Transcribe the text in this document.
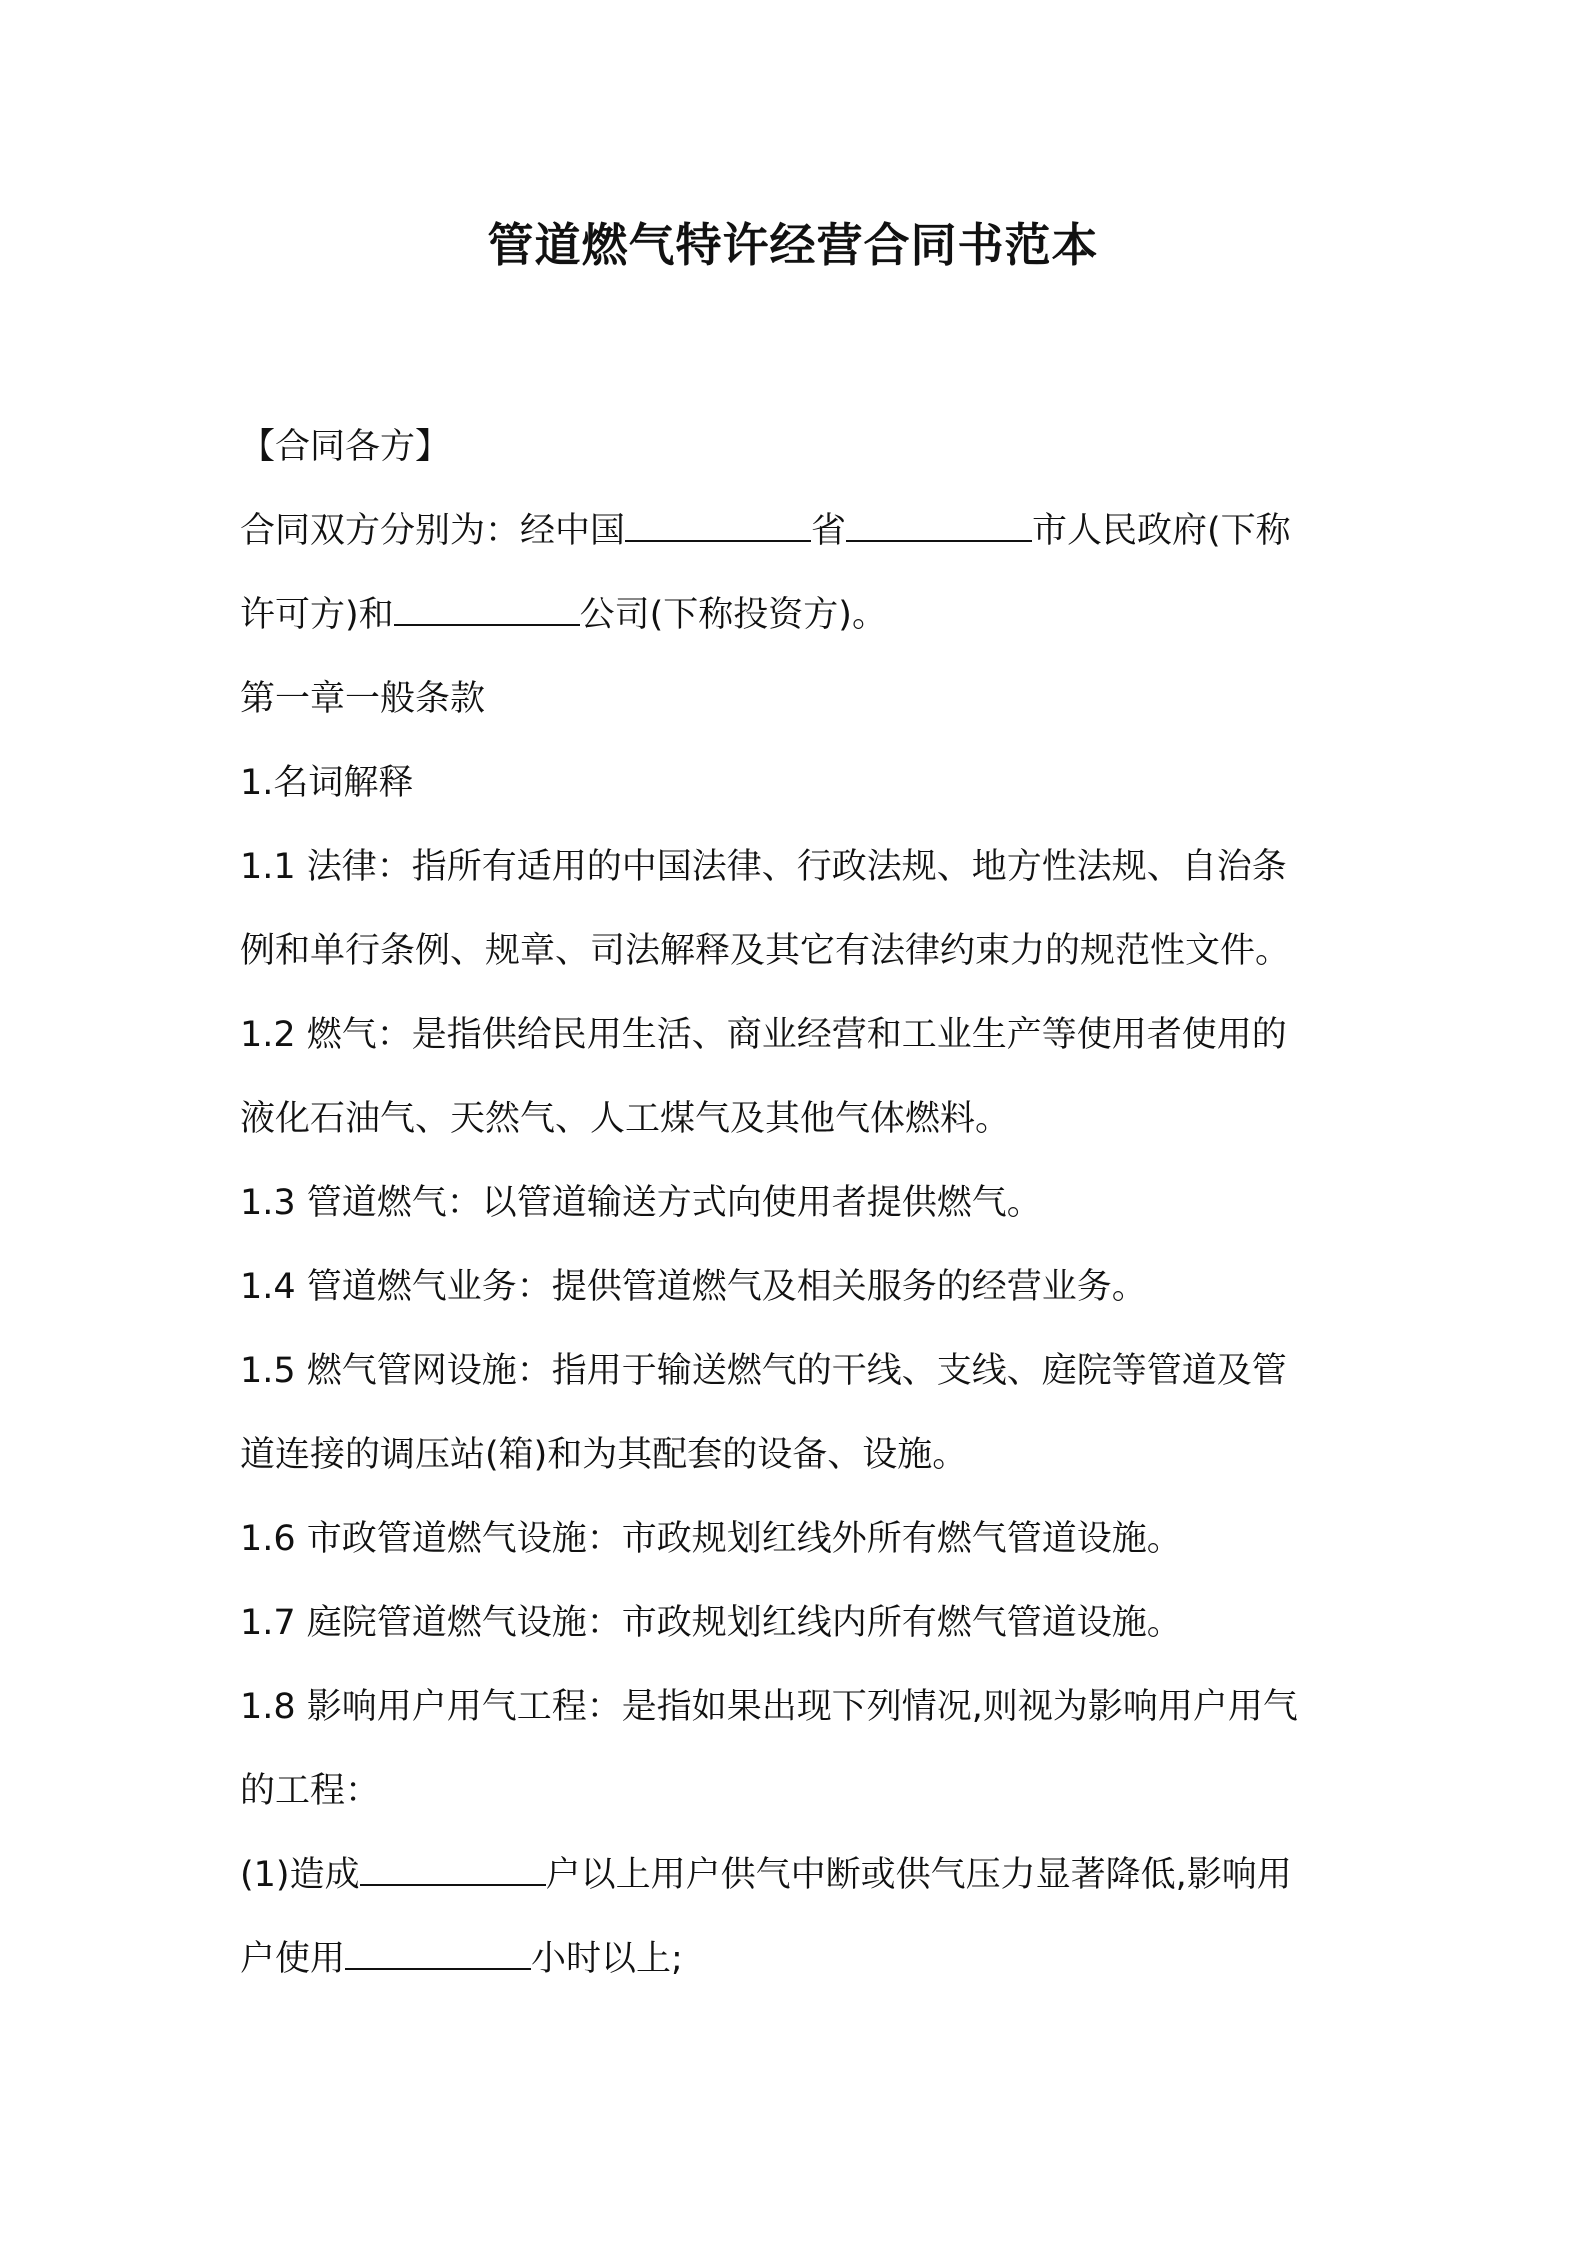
管道燃气特许经营合同书范本
【合同各方】
合同双方分别为：经中国	省	市人民政府(下称
许可方)和	公司(下称投资方)。
第一章一般条款
1.名词解释
1.1 法律：指所有适用的中国法律、行政法规、地方性法规、自治条
例和单行条例、规章、司法解释及其它有法律约束力的规范性文件。
1.2 燃气：是指供给民用生活、商业经营和工业生产等使用者使用的
液化石油气、天然气、人工煤气及其他气体燃料。
1.3 管道燃气：以管道输送方式向使用者提供燃气。
1.4 管道燃气业务：提供管道燃气及相关服务的经营业务。
1.5 燃气管网设施：指用于输送燃气的干线、支线、庭院等管道及管
道连接的调压站(箱)和为其配套的设备、设施。
1.6 市政管道燃气设施：市政规划红线外所有燃气管道设施。
1.7 庭院管道燃气设施：市政规划红线内所有燃气管道设施。
1.8 影响用户用气工程：是指如果出现下列情况,则视为影响用户用气
的工程：
(1)造成	户以上用户供气中断或供气压力显著降低,影响用
户使用	小时以上;
